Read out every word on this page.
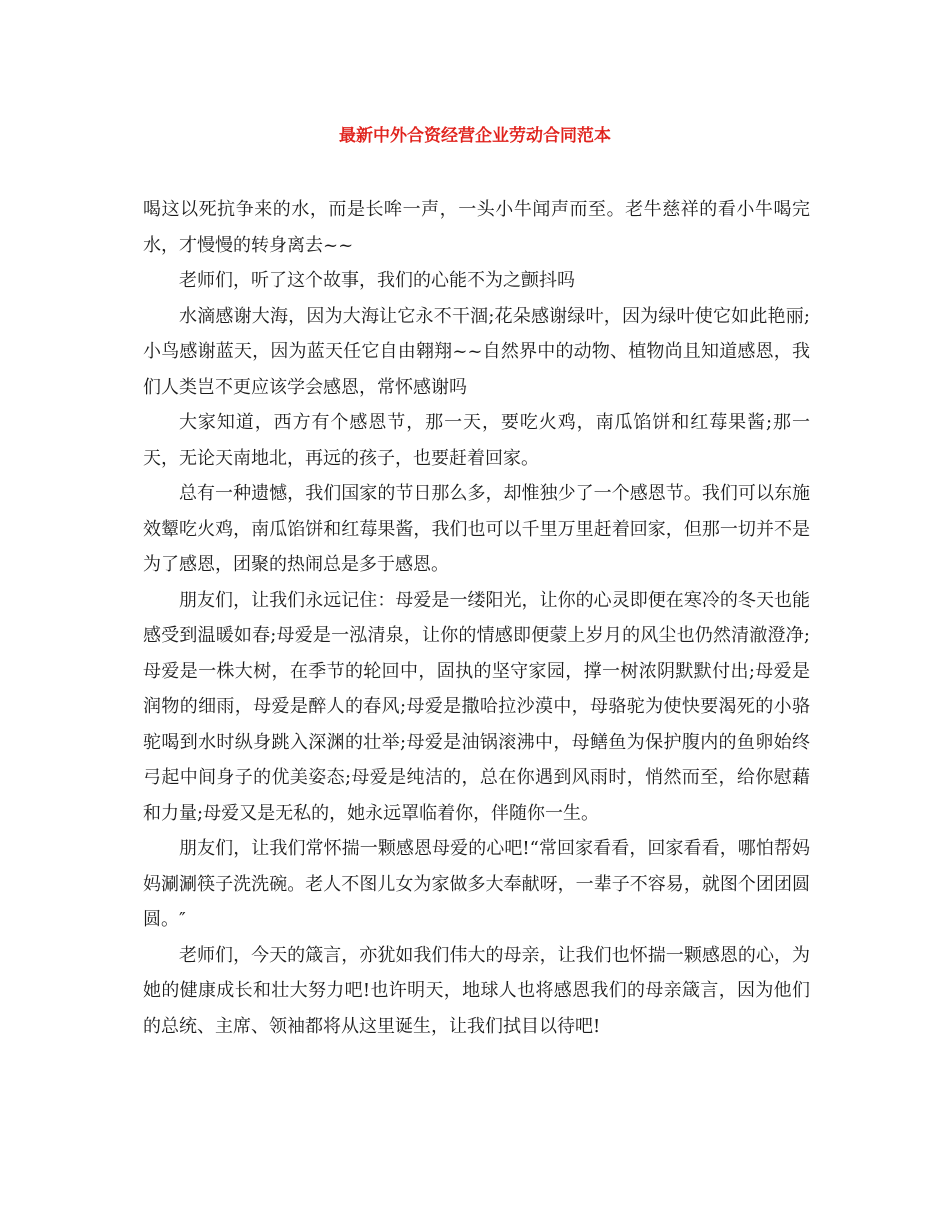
最新中外合资经营企业劳动合同范本

喝这以死抗争来的水，而是长哞一声，一头小牛闻声而至。老牛慈祥的看小牛喝完水，才慢慢的转身离去~~

老师们，听了这个故事，我们的心能不为之颤抖吗

水滴感谢大海，因为大海让它永不干涸;花朵感谢绿叶，因为绿叶使它如此艳丽;小鸟感谢蓝天，因为蓝天任它自由翱翔~~自然界中的动物、植物尚且知道感恩，我们人类岂不更应该学会感恩，常怀感谢吗

大家知道，西方有个感恩节，那一天，要吃火鸡，南瓜馅饼和红莓果酱;那一天，无论天南地北，再远的孩子，也要赶着回家。

总有一种遗憾，我们国家的节日那么多，却惟独少了一个感恩节。我们可以东施效颦吃火鸡，南瓜馅饼和红莓果酱，我们也可以千里万里赶着回家，但那一切并不是为了感恩，团聚的热闹总是多于感恩。

朋友们，让我们永远记住：母爱是一缕阳光，让你的心灵即便在寒冷的冬天也能感受到温暖如春;母爱是一泓清泉，让你的情感即便蒙上岁月的风尘也仍然清澈澄净;母爱是一株大树，在季节的轮回中，固执的坚守家园，撑一树浓阴默默付出;母爱是润物的细雨，母爱是醉人的春风;母爱是撒哈拉沙漠中，母骆驼为使快要渴死的小骆驼喝到水时纵身跳入深渊的壮举;母爱是油锅滚沸中，母鳝鱼为保护腹内的鱼卵始终弓起中间身子的优美姿态;母爱是纯洁的，总在你遇到风雨时，悄然而至，给你慰藉和力量;母爱又是无私的，她永远罩临着你，伴随你一生。

朋友们，让我们常怀揣一颗感恩母爱的心吧!“常回家看看，回家看看，哪怕帮妈妈涮涮筷子洗洗碗。老人不图儿女为家做多大奉献呀，一辈子不容易，就图个团团圆圆。″

老师们，今天的箴言，亦犹如我们伟大的母亲，让我们也怀揣一颗感恩的心，为她的健康成长和壮大努力吧!也许明天，地球人也将感恩我们的母亲箴言，因为他们的总统、主席、领袖都将从这里诞生，让我们拭目以待吧!
